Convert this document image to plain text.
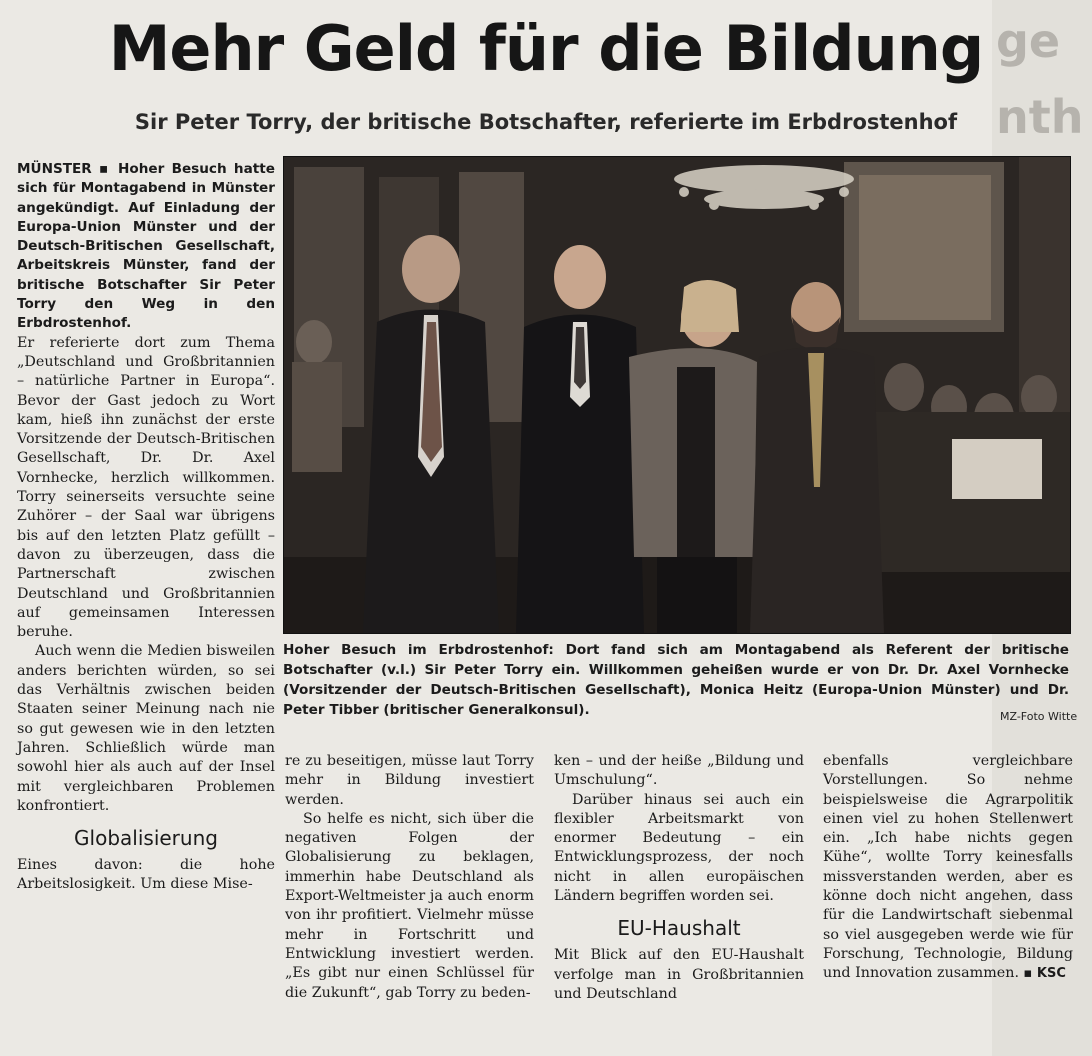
ge
nth
Mehr Geld für die Bildung
Sir Peter Torry, der britische Botschafter, referierte im Erbdrostenhof

MÜNSTER ▪ Hoher Besuch hatte sich für Montagabend in Münster angekündigt. Auf Einladung der Europa-Union Münster und der Deutsch-Britischen Gesellschaft, Arbeitskreis Münster, fand der britische Botschafter Sir Peter Torry den Weg in den Erbdrostenhof.

Er referierte dort zum Thema „Deutschland und Großbritannien – natürliche Partner in Europa“. Bevor der Gast jedoch zu Wort kam, hieß ihn zunächst der erste Vorsitzende der Deutsch-Britischen Gesellschaft, Dr. Dr. Axel Vornhecke, herzlich willkommen. Torry seinerseits versuchte seine Zuhörer – der Saal war übrigens bis auf den letzten Platz gefüllt – davon zu überzeugen, dass die Partnerschaft zwischen Deutschland und Großbritannien auf gemeinsamen Interessen beruhe.

Auch wenn die Medien bisweilen anders berichten würden, so sei das Verhältnis zwischen beiden Staaten seiner Meinung nach nie so gut gewesen wie in den letzten Jahren. Schließlich würde man sowohl hier als auch auf der Insel mit vergleichbaren Problemen konfrontiert.

Globalisierung

Eines davon: die hohe Arbeitslosigkeit. Um diese Mise-

re zu beseitigen, müsse laut Torry mehr in Bildung investiert werden.

So helfe es nicht, sich über die negativen Folgen der Globalisierung zu beklagen, immerhin habe Deutschland als Export-Weltmeister ja auch enorm von ihr profitiert. Vielmehr müsse mehr in Fortschritt und Entwicklung investiert werden. „Es gibt nur einen Schlüssel für die Zukunft“, gab Torry zu beden-

ken – und der heiße „Bildung und Umschulung“.

Darüber hinaus sei auch ein flexibler Arbeitsmarkt von enormer Bedeutung – ein Entwicklungsprozess, der noch nicht in allen europäischen Ländern begriffen worden sei.

EU-Haushalt

Mit Blick auf den EU-Haushalt verfolge man in Großbritannien und Deutschland

ebenfalls vergleichbare Vorstellungen. So nehme beispielsweise die Agrarpolitik einen viel zu hohen Stellenwert ein. „Ich habe nichts gegen Kühe“, wollte Torry keinesfalls missverstanden werden, aber es könne doch nicht angehen, dass für die Landwirtschaft siebenmal so viel ausgegeben werde wie für Forschung, Technologie, Bildung und Innovation zusammen. ▪ KSC

Hoher Besuch im Erbdrostenhof: Dort fand sich am Montagabend als Referent der britische Botschafter (v.l.) Sir Peter Torry ein. Willkommen geheißen wurde er von Dr. Dr. Axel Vornhecke (Vorsitzender der Deutsch-Britischen Gesellschaft), Monica Heitz (Europa-Union Münster) und Dr. Peter Tibber (britischer Generalkonsul).	MZ-Foto Witte
